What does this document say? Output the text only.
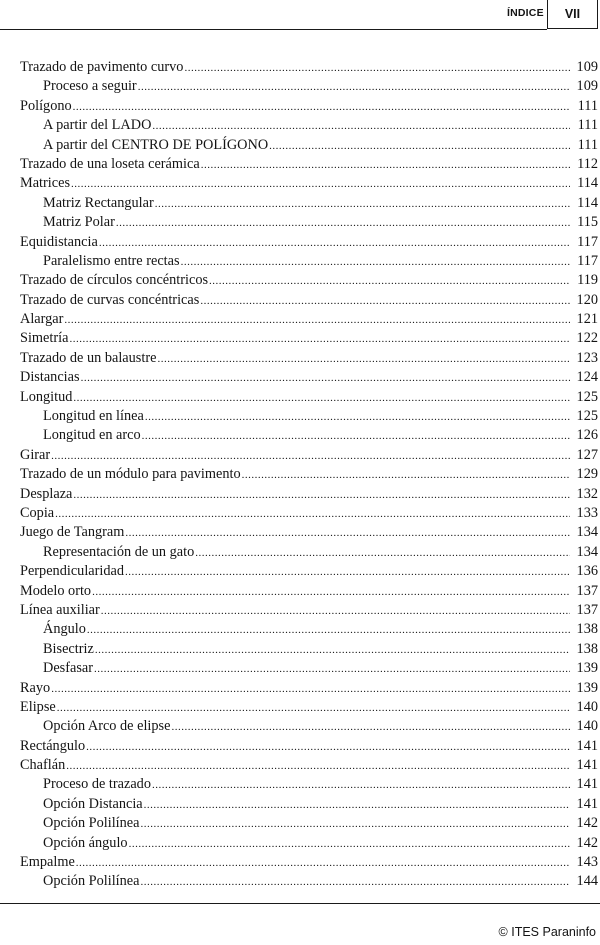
ÍNDICE	VII
Trazado de pavimento curvo .....	109
Proceso a seguir .....	109
Polígono .....	111
A partir del LADO .....	111
A partir del CENTRO DE POLÍGONO .....	111
Trazado de una loseta cerámica .....	112
Matrices .....	114
Matriz Rectangular .....	114
Matriz Polar .....	115
Equidistancia .....	117
Paralelismo entre rectas .....	117
Trazado de círculos concéntricos .....	119
Trazado de curvas concéntricas .....	120
Alargar .....	121
Simetría .....	122
Trazado de un balaustre .....	123
Distancias .....	124
Longitud .....	125
Longitud en línea .....	125
Longitud en arco .....	126
Girar .....	127
Trazado de un módulo para pavimento .....	129
Desplaza .....	132
Copia .....	133
Juego de Tangram .....	134
Representación de un gato .....	134
Perpendicularidad .....	136
Modelo orto .....	137
Línea auxiliar .....	137
Ángulo .....	138
Bisectriz .....	138
Desfasar .....	139
Rayo .....	139
Elipse .....	140
Opción Arco de elipse .....	140
Rectángulo .....	141
Chaflán .....	141
Proceso de trazado .....	141
Opción Distancia .....	141
Opción Polilínea .....	142
Opción ángulo .....	142
Empalme .....	143
Opción Polilínea .....	144
© ITES Paraninfo
